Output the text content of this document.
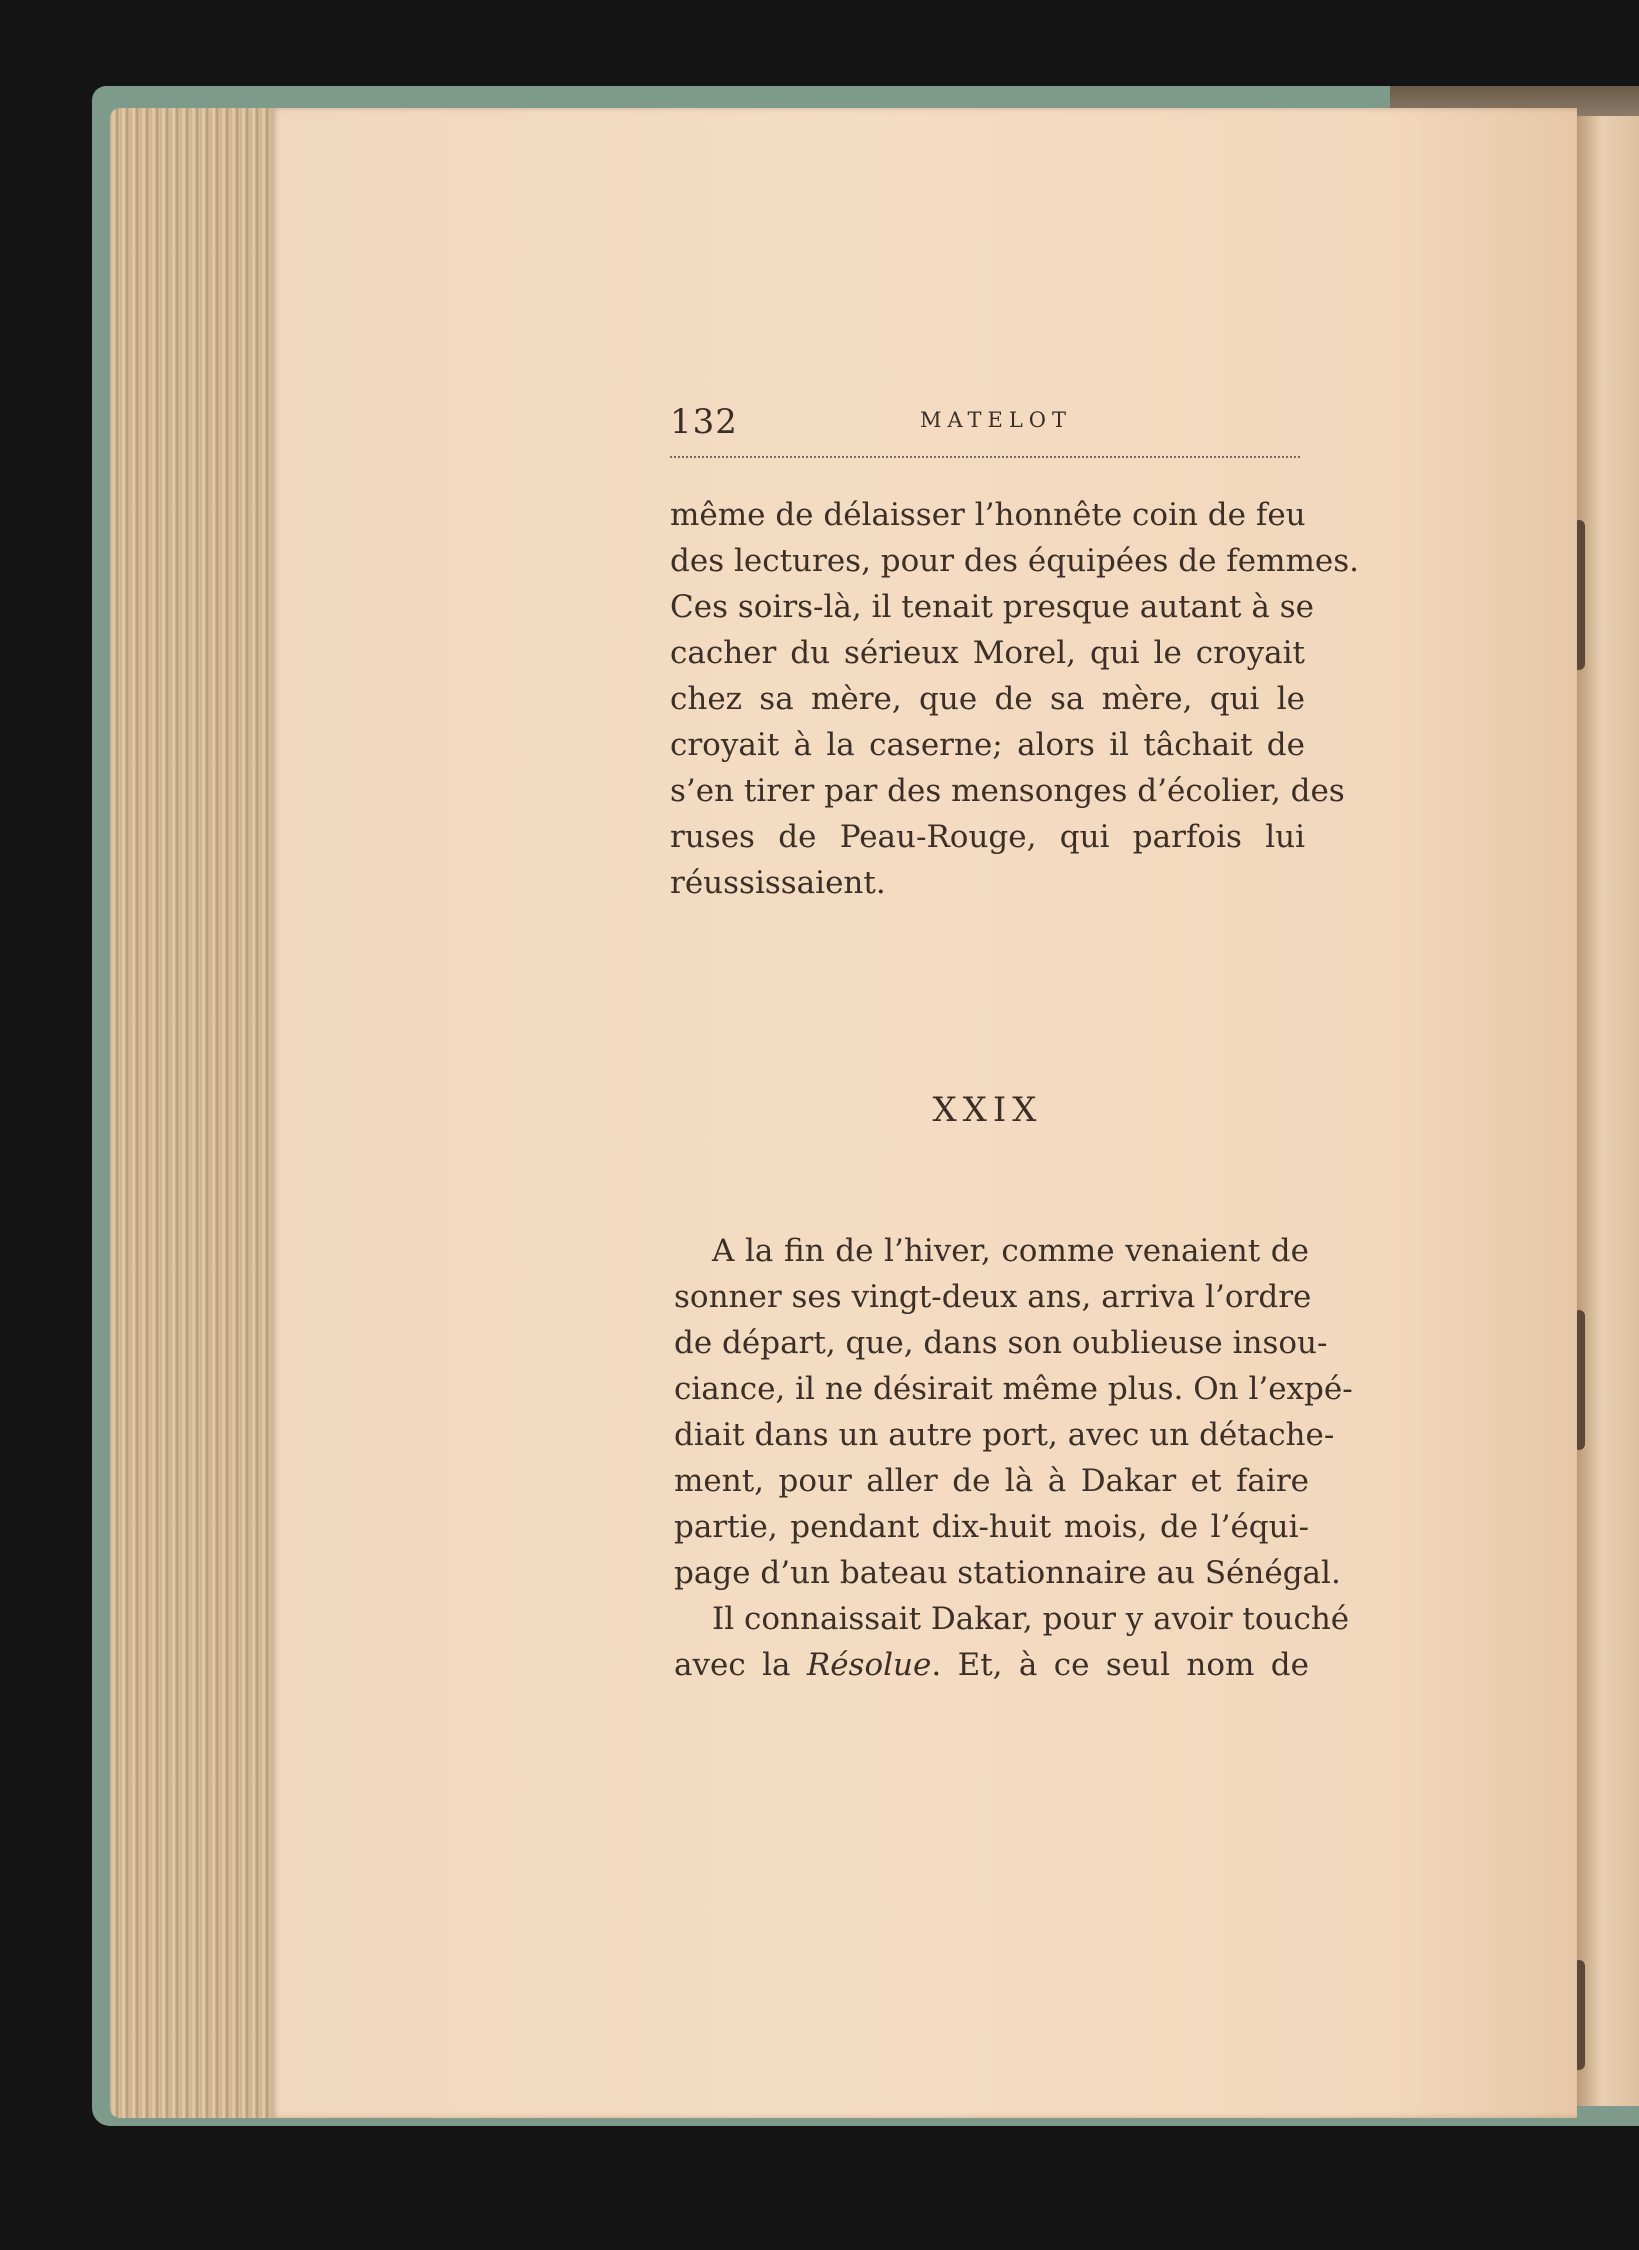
132	MATELOT
même de délaisser l’honnête coin de feu
des lectures, pour des équipées de femmes.
Ces soirs-là, il tenait presque autant à se
cacher du sérieux Morel, qui le croyait
chez sa mère, que de sa mère, qui le
croyait à la caserne; alors il tâchait de
s’en tirer par des mensonges d’écolier, des
ruses de Peau-Rouge, qui parfois lui
réussissaient.
XXIX
A la fin de l’hiver, comme venaient de
sonner ses vingt-deux ans, arriva l’ordre
de départ, que, dans son oublieuse insou-
ciance, il ne désirait même plus. On l’expé-
diait dans un autre port, avec un détache-
ment, pour aller de là à Dakar et faire
partie, pendant dix-huit mois, de l’équi-
page d’un bateau stationnaire au Sénégal.
Il connaissait Dakar, pour y avoir touché
avec la Résolue. Et, à ce seul nom de
